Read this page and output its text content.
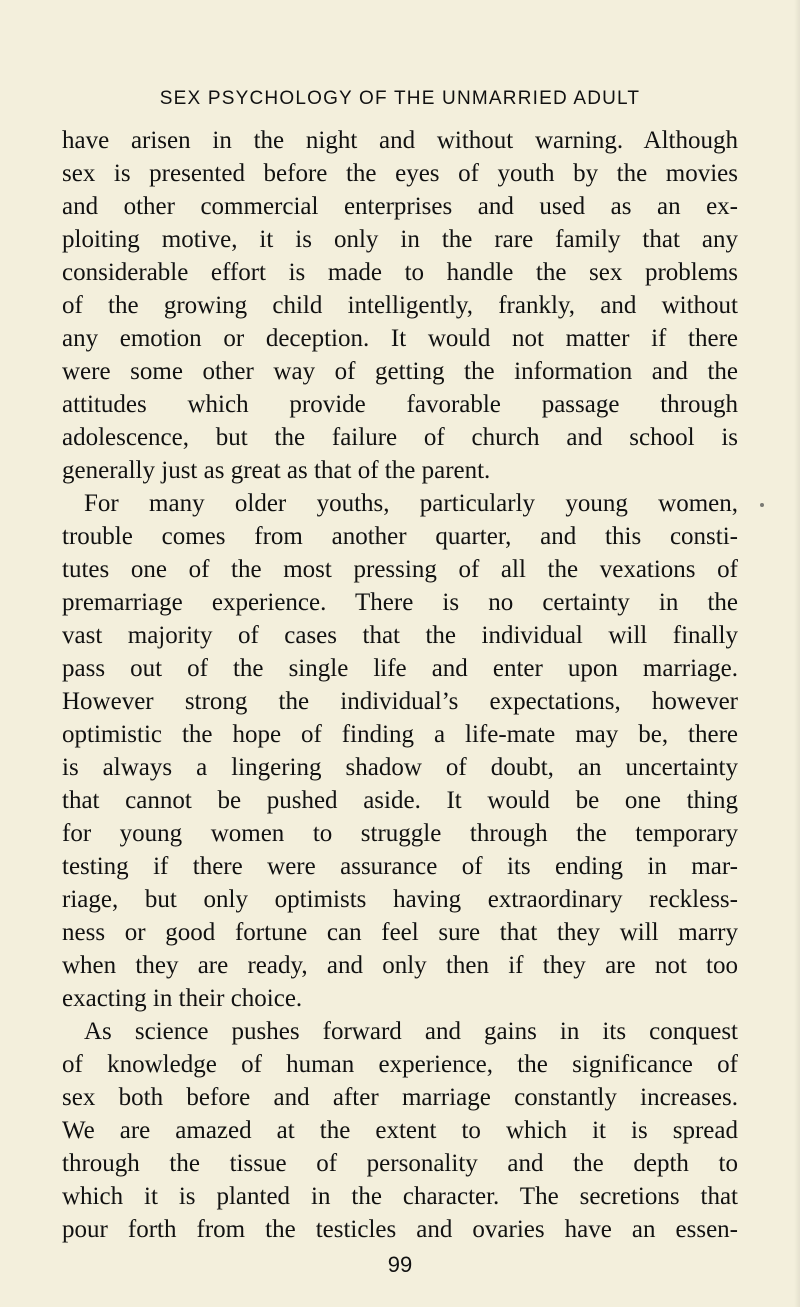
SEX PSYCHOLOGY OF THE UNMARRIED ADULT
have arisen in the night and without warning. Although
sex is presented before the eyes of youth by the movies
and other commercial enterprises and used as an ex-
ploiting motive, it is only in the rare family that any
considerable effort is made to handle the sex problems
of the growing child intelligently, frankly, and without
any emotion or deception. It would not matter if there
were some other way of getting the information and the
attitudes which provide favorable passage through
adolescence, but the failure of church and school is
generally just as great as that of the parent.
For many older youths, particularly young women,
trouble comes from another quarter, and this consti-
tutes one of the most pressing of all the vexations of
premarriage experience. There is no certainty in the
vast majority of cases that the individual will finally
pass out of the single life and enter upon marriage.
However strong the individual’s expectations, however
optimistic the hope of finding a life-mate may be, there
is always a lingering shadow of doubt, an uncertainty
that cannot be pushed aside. It would be one thing
for young women to struggle through the temporary
testing if there were assurance of its ending in mar-
riage, but only optimists having extraordinary reckless-
ness or good fortune can feel sure that they will marry
when they are ready, and only then if they are not too
exacting in their choice.
As science pushes forward and gains in its conquest
of knowledge of human experience, the significance of
sex both before and after marriage constantly increases.
We are amazed at the extent to which it is spread
through the tissue of personality and the depth to
which it is planted in the character. The secretions that
pour forth from the testicles and ovaries have an essen-
99
